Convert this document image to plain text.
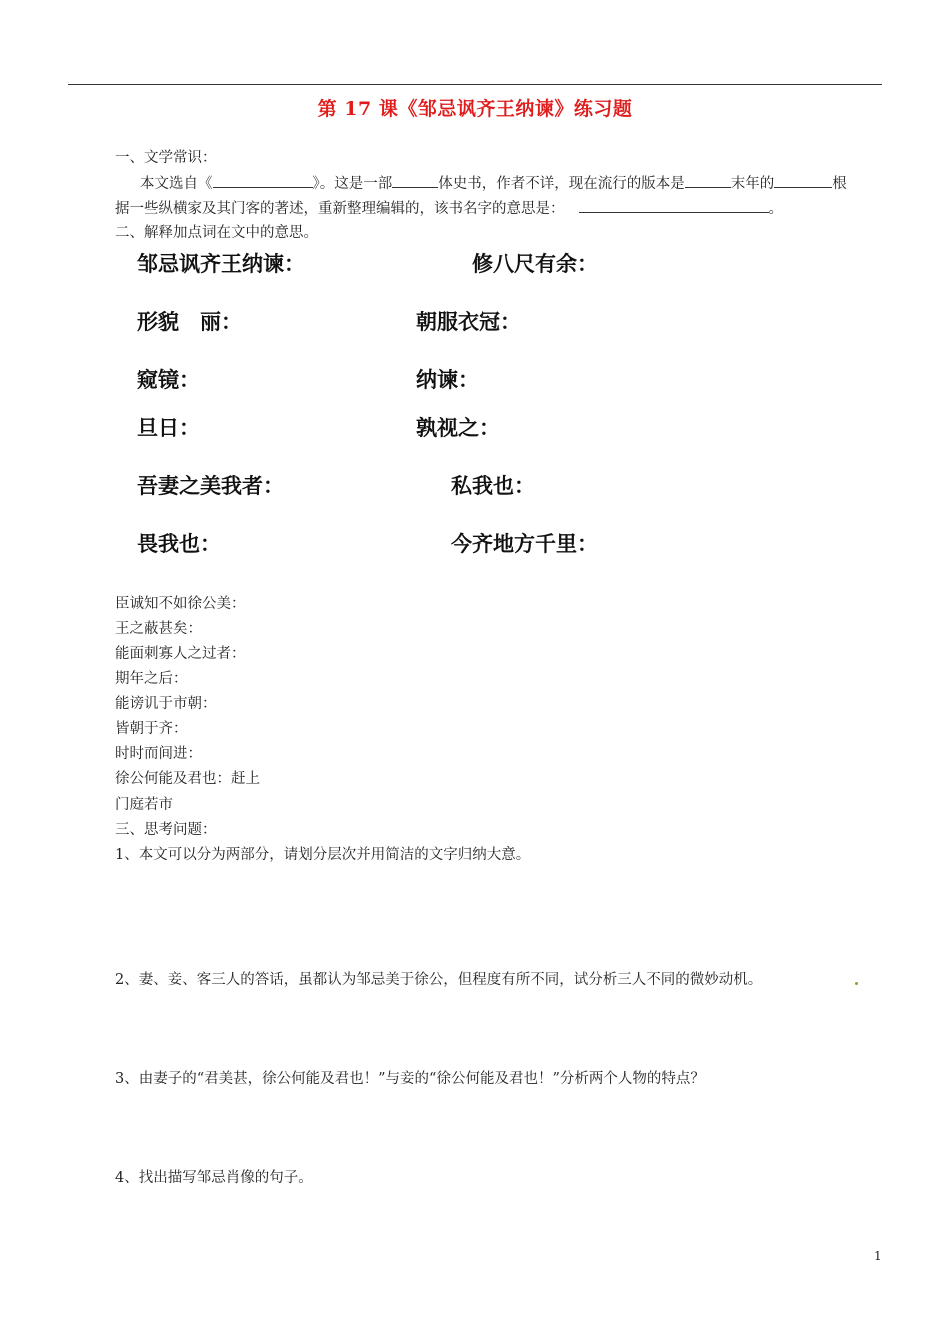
第 17 课《邹忌讽齐王纳谏》练习题
一、文学常识：
本文选自《	》。这是一部	体史书，作者不详，现在流行的版本是	末年的	根
据一些纵横家及其门客的著述，重新整理编辑的，该书名字的意思是：	。
二、解释加点词在文中的意思。
邹忌讽齐王纳谏：	修八尺有余：
形貌　丽：	朝服衣冠：
窥镜：	纳谏：
旦日：	孰视之：
吾妻之美我者：	私我也：
畏我也：	今齐地方千里：
臣诚知不如徐公美：
王之蔽甚矣：
能面刺寡人之过者：
期年之后：
能谤讥于市朝：
皆朝于齐：
时时而间进：
徐公何能及君也：赶上
门庭若市
三、思考问题：
1、本文可以分为两部分，请划分层次并用简洁的文字归纳大意。
2、妻、妾、客三人的答话，虽都认为邹忌美于徐公，但程度有所不同，试分析三人不同的微妙动机。
3、由妻子的“君美甚，徐公何能及君也！”与妾的“徐公何能及君也！”分析两个人物的特点？
4、找出描写邹忌肖像的句子。
1
